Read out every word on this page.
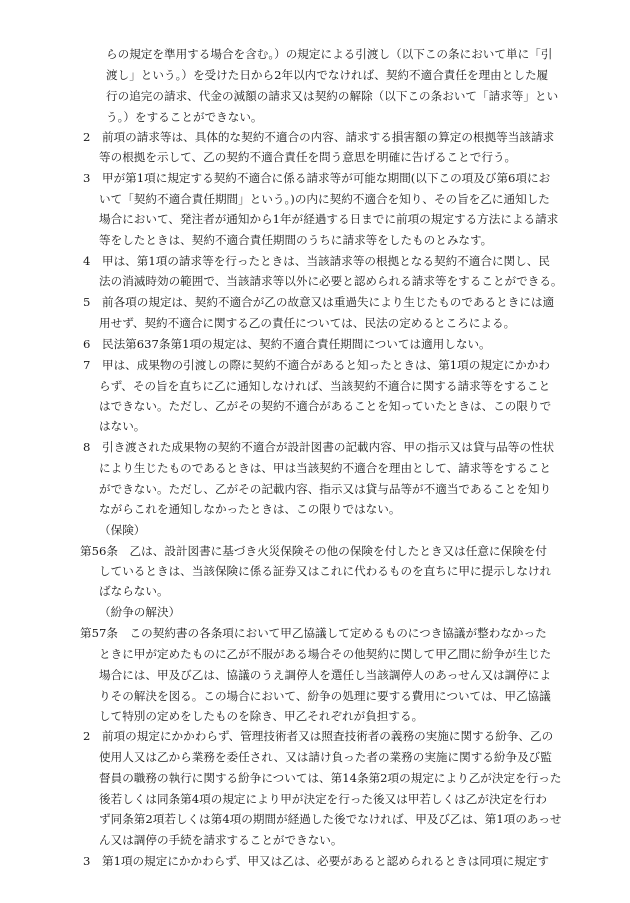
らの規定を準用する場合を含む。）の規定による引渡し（以下この条において単に「引

渡し」という。）を受けた日から2年以内でなければ、契約不適合責任を理由とした履

行の追完の請求、代金の減額の請求又は契約の解除（以下この条おいて「請求等」とい

う。）をすることができない。

2　前項の請求等は、具体的な契約不適合の内容、請求する損害額の算定の根拠等当該請求

等の根拠を示して、乙の契約不適合責任を問う意思を明確に告げることで行う。

3　甲が第1項に規定する契約不適合に係る請求等が可能な期間(以下この項及び第6項にお

いて「契約不適合責任期間」という。)の内に契約不適合を知り、その旨を乙に通知した

場合において、発注者が通知から1年が経過する日までに前項の規定する方法による請求

等をしたときは、契約不適合責任期間のうちに請求等をしたものとみなす。

4　甲は、第1項の請求等を行ったときは、当該請求等の根拠となる契約不適合に関し、民

法の消滅時効の範囲で、当該請求等以外に必要と認められる請求等をすることができる。

5　前各項の規定は、契約不適合が乙の故意又は重過失により生じたものであるときには適

用せず、契約不適合に関する乙の責任については、民法の定めるところによる。

6　民法第637条第1項の規定は、契約不適合責任期間については適用しない。

7　甲は、成果物の引渡しの際に契約不適合があると知ったときは、第1項の規定にかかわ

らず、その旨を直ちに乙に通知しなければ、当該契約不適合に関する請求等をすること

はできない。ただし、乙がその契約不適合があることを知っていたときは、この限りで

はない。

8　引き渡された成果物の契約不適合が設計図書の記載内容、甲の指示又は貸与品等の性状

により生じたものであるときは、甲は当該契約不適合を理由として、請求等をすること

ができない。ただし、乙がその記載内容、指示又は貸与品等が不適当であることを知り

ながらこれを通知しなかったときは、この限りではない。

（保険）

第56条　乙は、設計図書に基づき火災保険その他の保険を付したとき又は任意に保険を付

しているときは、当該保険に係る証券又はこれに代わるものを直ちに甲に提示しなけれ

ばならない。

（紛争の解決）

第57条　この契約書の各条項において甲乙協議して定めるものにつき協議が整わなかった

ときに甲が定めたものに乙が不服がある場合その他契約に関して甲乙間に紛争が生じた

場合には、甲及び乙は、協議のうえ調停人を選任し当該調停人のあっせん又は調停によ

りその解決を図る。この場合において、紛争の処理に要する費用については、甲乙協議

して特別の定めをしたものを除き、甲乙それぞれが負担する。

2　前項の規定にかかわらず、管理技術者又は照査技術者の義務の実施に関する紛争、乙の

使用人又は乙から業務を委任され、又は請け負った者の業務の実施に関する紛争及び監

督員の職務の執行に関する紛争については、第14条第2項の規定により乙が決定を行った

後若しくは同条第4項の規定により甲が決定を行った後又は甲若しくは乙が決定を行わ

ず同条第2項若しくは第4項の期間が経過した後でなければ、甲及び乙は、第1項のあっせ

ん又は調停の手続を請求することができない。

3　第1項の規定にかかわらず、甲又は乙は、必要があると認められるときは同項に規定す
